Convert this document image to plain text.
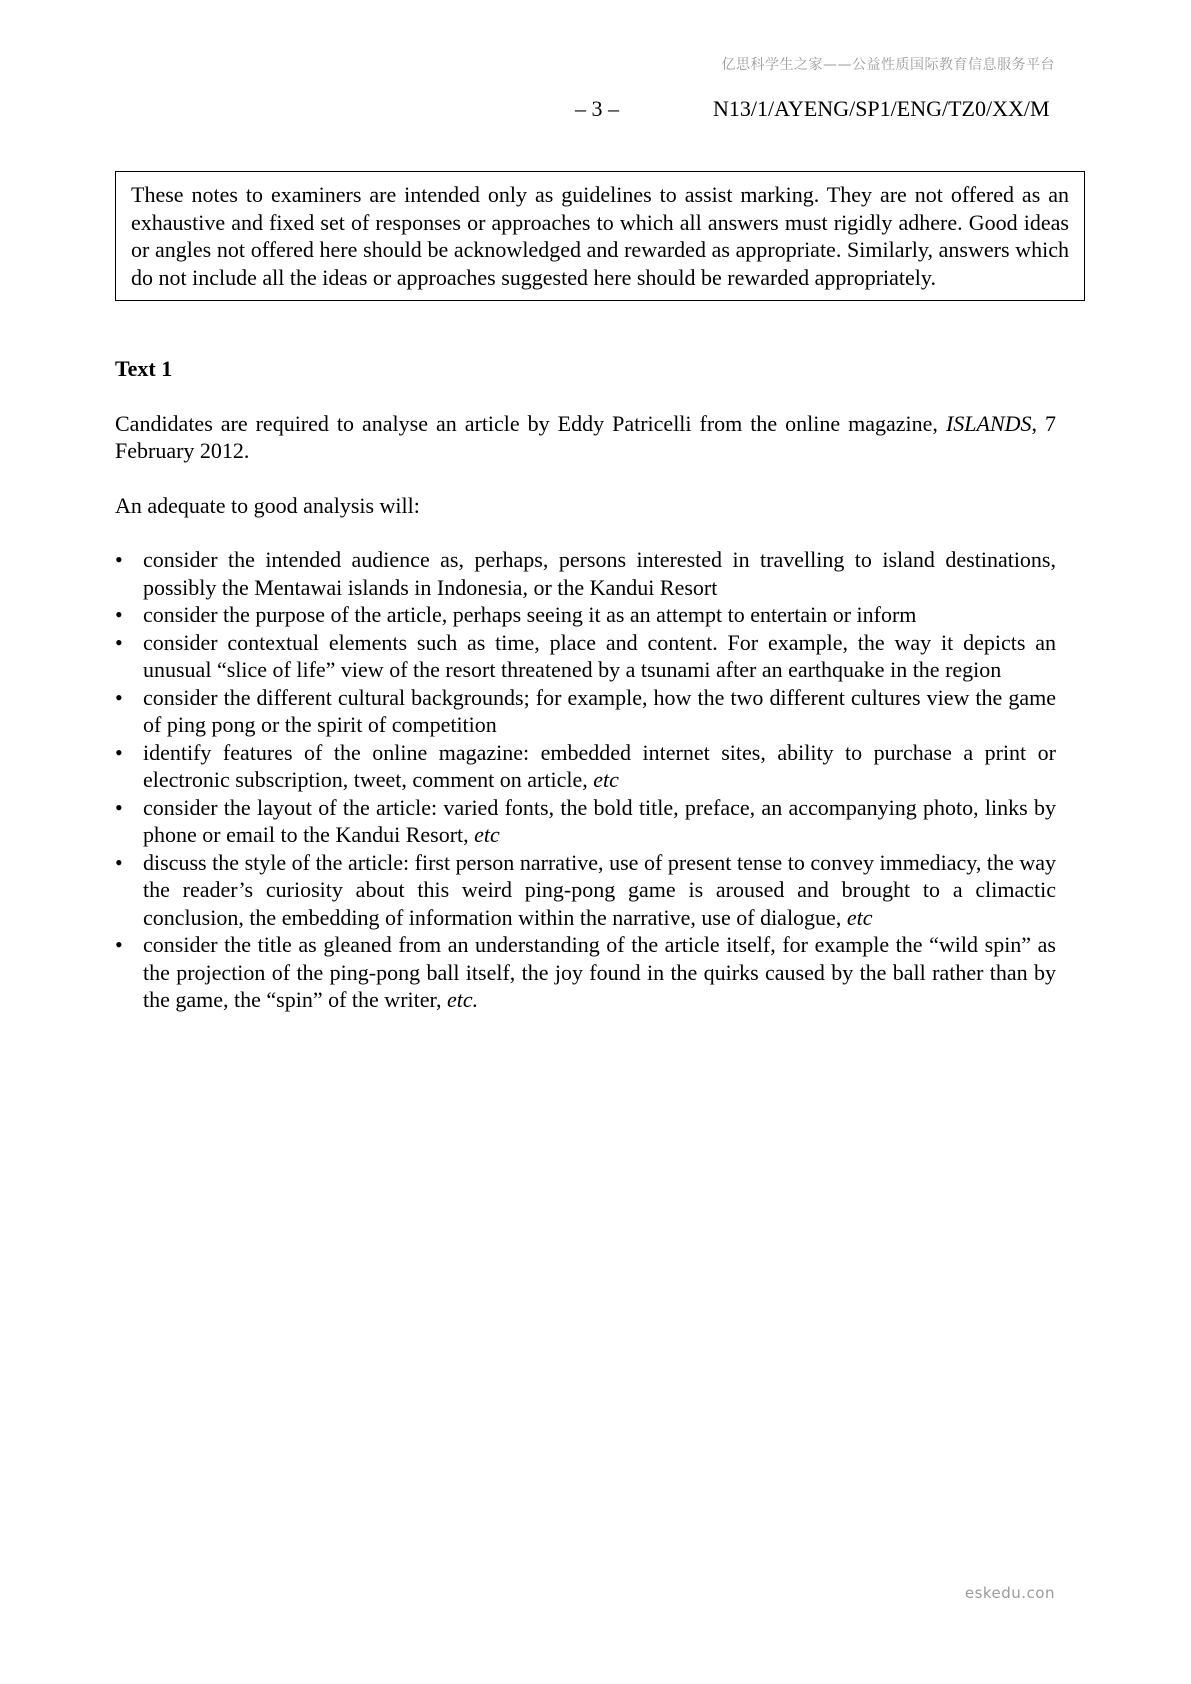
亿思科学生之家——公益性质国际教育信息服务平台
– 3 –	N13/1/AYENG/SP1/ENG/TZ0/XX/M
These notes to examiners are intended only as guidelines to assist marking. They are not offered as an exhaustive and fixed set of responses or approaches to which all answers must rigidly adhere. Good ideas or angles not offered here should be acknowledged and rewarded as appropriate. Similarly, answers which do not include all the ideas or approaches suggested here should be rewarded appropriately.
Text 1
Candidates are required to analyse an article by Eddy Patricelli from the online magazine, ISLANDS, 7 February 2012.
An adequate to good analysis will:
• consider the intended audience as, perhaps, persons interested in travelling to island destinations, possibly the Mentawai islands in Indonesia, or the Kandui Resort
• consider the purpose of the article, perhaps seeing it as an attempt to entertain or inform
• consider contextual elements such as time, place and content. For example, the way it depicts an unusual “slice of life” view of the resort threatened by a tsunami after an earthquake in the region
• consider the different cultural backgrounds; for example, how the two different cultures view the game of ping pong or the spirit of competition
• identify features of the online magazine: embedded internet sites, ability to purchase a print or electronic subscription, tweet, comment on article, etc
• consider the layout of the article: varied fonts, the bold title, preface, an accompanying photo, links by phone or email to the Kandui Resort, etc
• discuss the style of the article: first person narrative, use of present tense to convey immediacy, the way the reader’s curiosity about this weird ping-pong game is aroused and brought to a climactic conclusion, the embedding of information within the narrative, use of dialogue, etc
• consider the title as gleaned from an understanding of the article itself, for example the “wild spin” as the projection of the ping-pong ball itself, the joy found in the quirks caused by the ball rather than by the game, the “spin” of the writer, etc.
eskedu.con
